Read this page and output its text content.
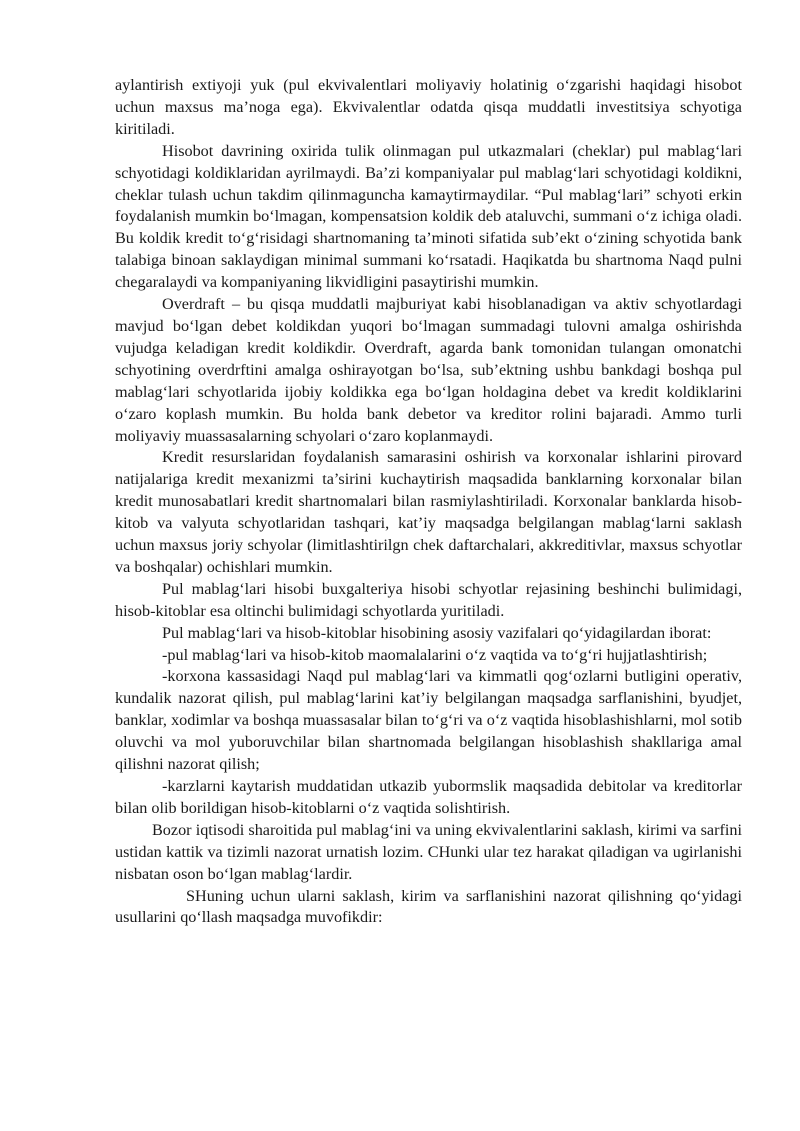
aylantirish extiyoji yuk (pul ekvivalentlari moliyaviy holatinig o‘zgarishi haqidagi hisobot uchun maxsus ma’noga ega). Ekvivalentlar odatda qisqa muddatli investitsiya schyotiga kiritiladi.

Hisobot davrining oxirida tulik olinmagan pul utkazmalari (cheklar) pul mablag‘lari schyotidagi koldiklaridan ayrilmaydi. Ba’zi kompaniyalar pul mablag‘lari schyotidagi koldikni, cheklar tulash uchun takdim qilinmaguncha kamaytirmaydilar. “Pul mablag‘lari” schyoti erkin foydalanish mumkin bo‘lmagan, kompensatsion koldik deb ataluvchi, summani o‘z ichiga oladi. Bu koldik kredit to‘g‘risidagi shartnomaning ta’minoti sifatida sub’ekt o‘zining schyotida bank talabiga binoan saklaydigan minimal summani ko‘rsatadi. Haqikatda bu shartnoma Naqd pulni chegaralaydi va kompaniyaning likvidligini pasaytirishi mumkin.

Overdraft – bu qisqa muddatli majburiyat kabi hisoblanadigan va aktiv schyotlardagi mavjud bo‘lgan debet koldikdan yuqori bo‘lmagan summadagi tulovni amalga oshirishda vujudga keladigan kredit koldikdir. Overdraft, agarda bank tomonidan tulangan omonatchi schyotining overdrftini amalga oshirayotgan bo‘lsa, sub’ektning ushbu bankdagi boshqa pul mablag‘lari schyotlarida ijobiy koldikka ega bo‘lgan holdagina debet va kredit koldiklarini o‘zaro koplash mumkin. Bu holda bank debetor va kreditor rolini bajaradi. Ammo turli moliyaviy muassasalarning schyolari o‘zaro koplanmaydi.

Kredit resurslaridan foydalanish samarasini oshirish va korxonalar ishlarini pirovard natijalariga kredit mexanizmi ta’sirini kuchaytirish maqsadida banklarning korxonalar bilan kredit munosabatlari kredit shartnomalari bilan rasmiylashtiriladi. Korxonalar banklarda hisob-kitob va valyuta schyotlaridan tashqari, kat’iy maqsadga belgilangan mablag‘larni saklash uchun maxsus joriy schyolar (limitlashtirilgn chek daftarchalari, akkreditivlar, maxsus schyotlar va boshqalar) ochishlari mumkin.

Pul mablag‘lari hisobi buxgalteriya hisobi schyotlar rejasining beshinchi bulimidagi, hisob-kitoblar esa oltinchi bulimidagi schyotlarda yuritiladi.

Pul mablag‘lari va hisob-kitoblar hisobining asosiy vazifalari qo‘yidagilardan iborat:

-pul mablag‘lari va hisob-kitob maomalalarini o‘z vaqtida va to‘g‘ri hujjatlashtirish;

-korxona kassasidagi Naqd pul mablag‘lari va kimmatli qog‘ozlarni butligini operativ, kundalik nazorat qilish, pul mablag‘larini kat’iy belgilangan maqsadga sarflanishini, byudjet, banklar, xodimlar va boshqa muassasalar bilan to‘g‘ri va o‘z vaqtida hisoblashishlarni, mol sotib oluvchi va mol yuboruvchilar bilan shartnomada belgilangan hisoblashish shakllariga amal qilishni nazorat qilish;

-karzlarni kaytarish muddatidan utkazib yubormslik maqsadida debitolar va kreditorlar bilan olib borildigan hisob-kitoblarni o‘z vaqtida solishtirish.

Bozor iqtisodi sharoitida pul mablag‘ini va uning ekvivalentlarini saklash, kirimi va sarfini ustidan kattik va tizimli nazorat urnatish lozim. CHunki ular tez harakat qiladigan va ugirlanishi nisbatan oson bo‘lgan mablag‘lardir.

SHuning uchun ularni saklash, kirim va sarflanishini nazorat qilishning qo‘yidagi usullarini qo‘llash maqsadga muvofikdir:
